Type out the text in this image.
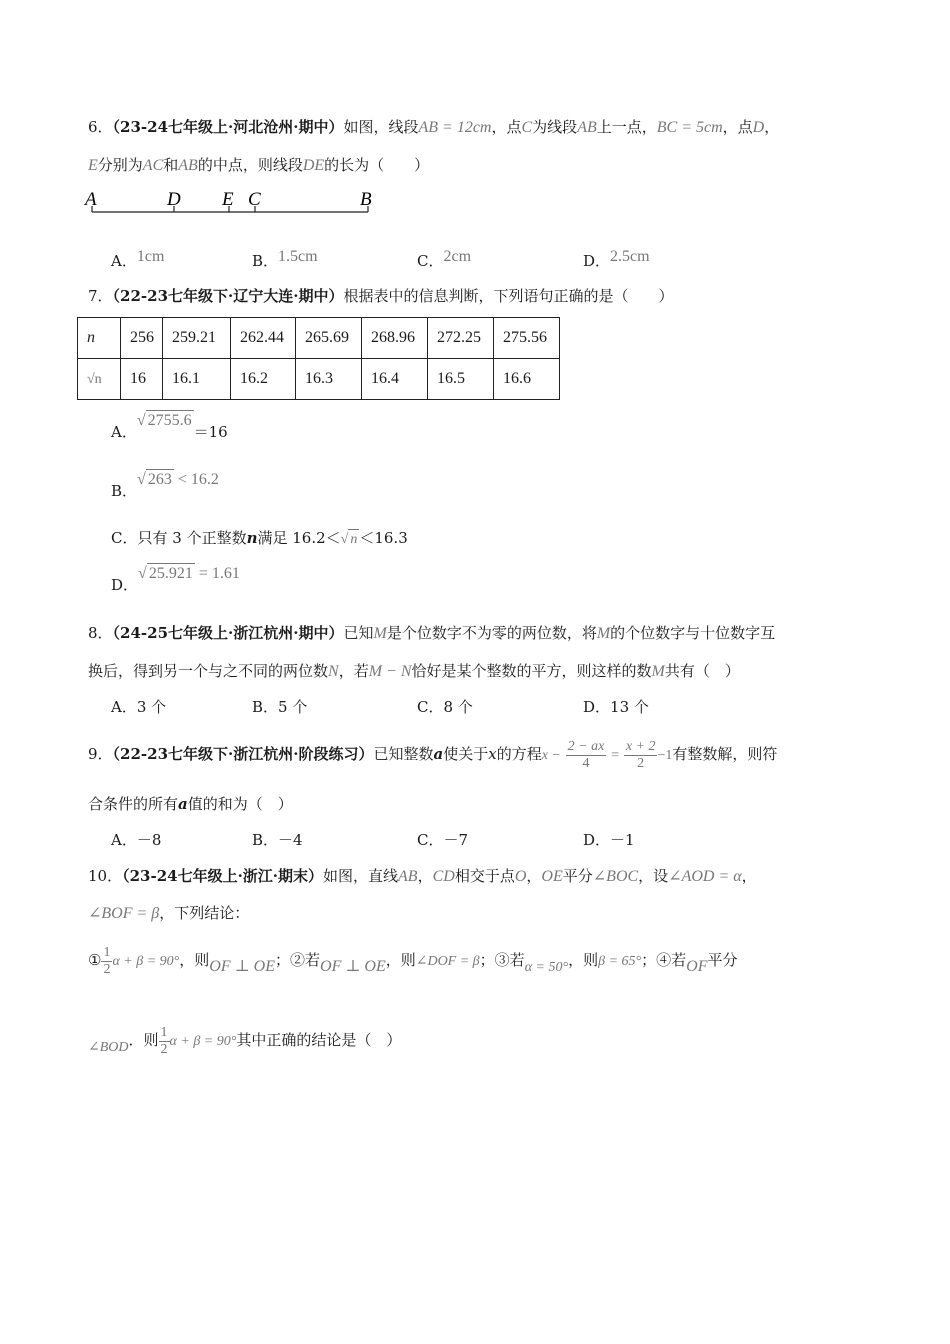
6．（23-24七年级上·河北沧州·期中）如图，线段AB = 12cm，点C为线段AB上一点，BC = 5cm，点D，
E分别为AC和AB的中点，则线段DE的长为（　　）
A	D E C	B
A．1cm	B．1.5cm	C．2cm	D．2.5cm
7．（22-23七年级下·辽宁大连·期中）根据表中的信息判断，下列语句正确的是（　　）
n	256	259.21	262.44	265.69	268.96	272.25	275.56
√n	16	16.1	16.2	16.3	16.4	16.5	16.6
A．√ 2755.6＝16
B．√ 263 < 16.2
C．只有 3 个正整数n满足 16.2＜√ n ＜16.3
D．√ 25.921 = 1.61
8．（24-25七年级上·浙江杭州·期中）已知M是个位数字不为零的两位数，将M的个位数字与十位数字互
换后，得到另一个与之不同的两位数N，若M − N恰好是某个整数的平方，则这样的数M共有（　）
A．3 个	B．5 个	C．8 个	D．13 个
9．（22-23七年级下·浙江杭州·阶段练习）已知整数a使关于x的方程$x - \frac{2 - ax}{4} = \frac{x + 2}{2} -1$有整数解，则符
合条件的所有a值的和为（　）
A．－8	B．－4	C．－7	D．－1
10．（23-24七年级上·浙江·期末）如图，直线AB，CD相交于点O，OE平分∠BOC，设∠AOD = α，
∠BOF = β，下列结论：
① $\frac{1}{2}$ α + β = 90°，则OF ⊥ OE；②若OF ⊥ OE，则∠DOF = β；③若α = 50°，则β = 65°；④若OF平分
∠BOD．则 $\frac{1}{2}$ α + β = 90°其中正确的结论是（　）
